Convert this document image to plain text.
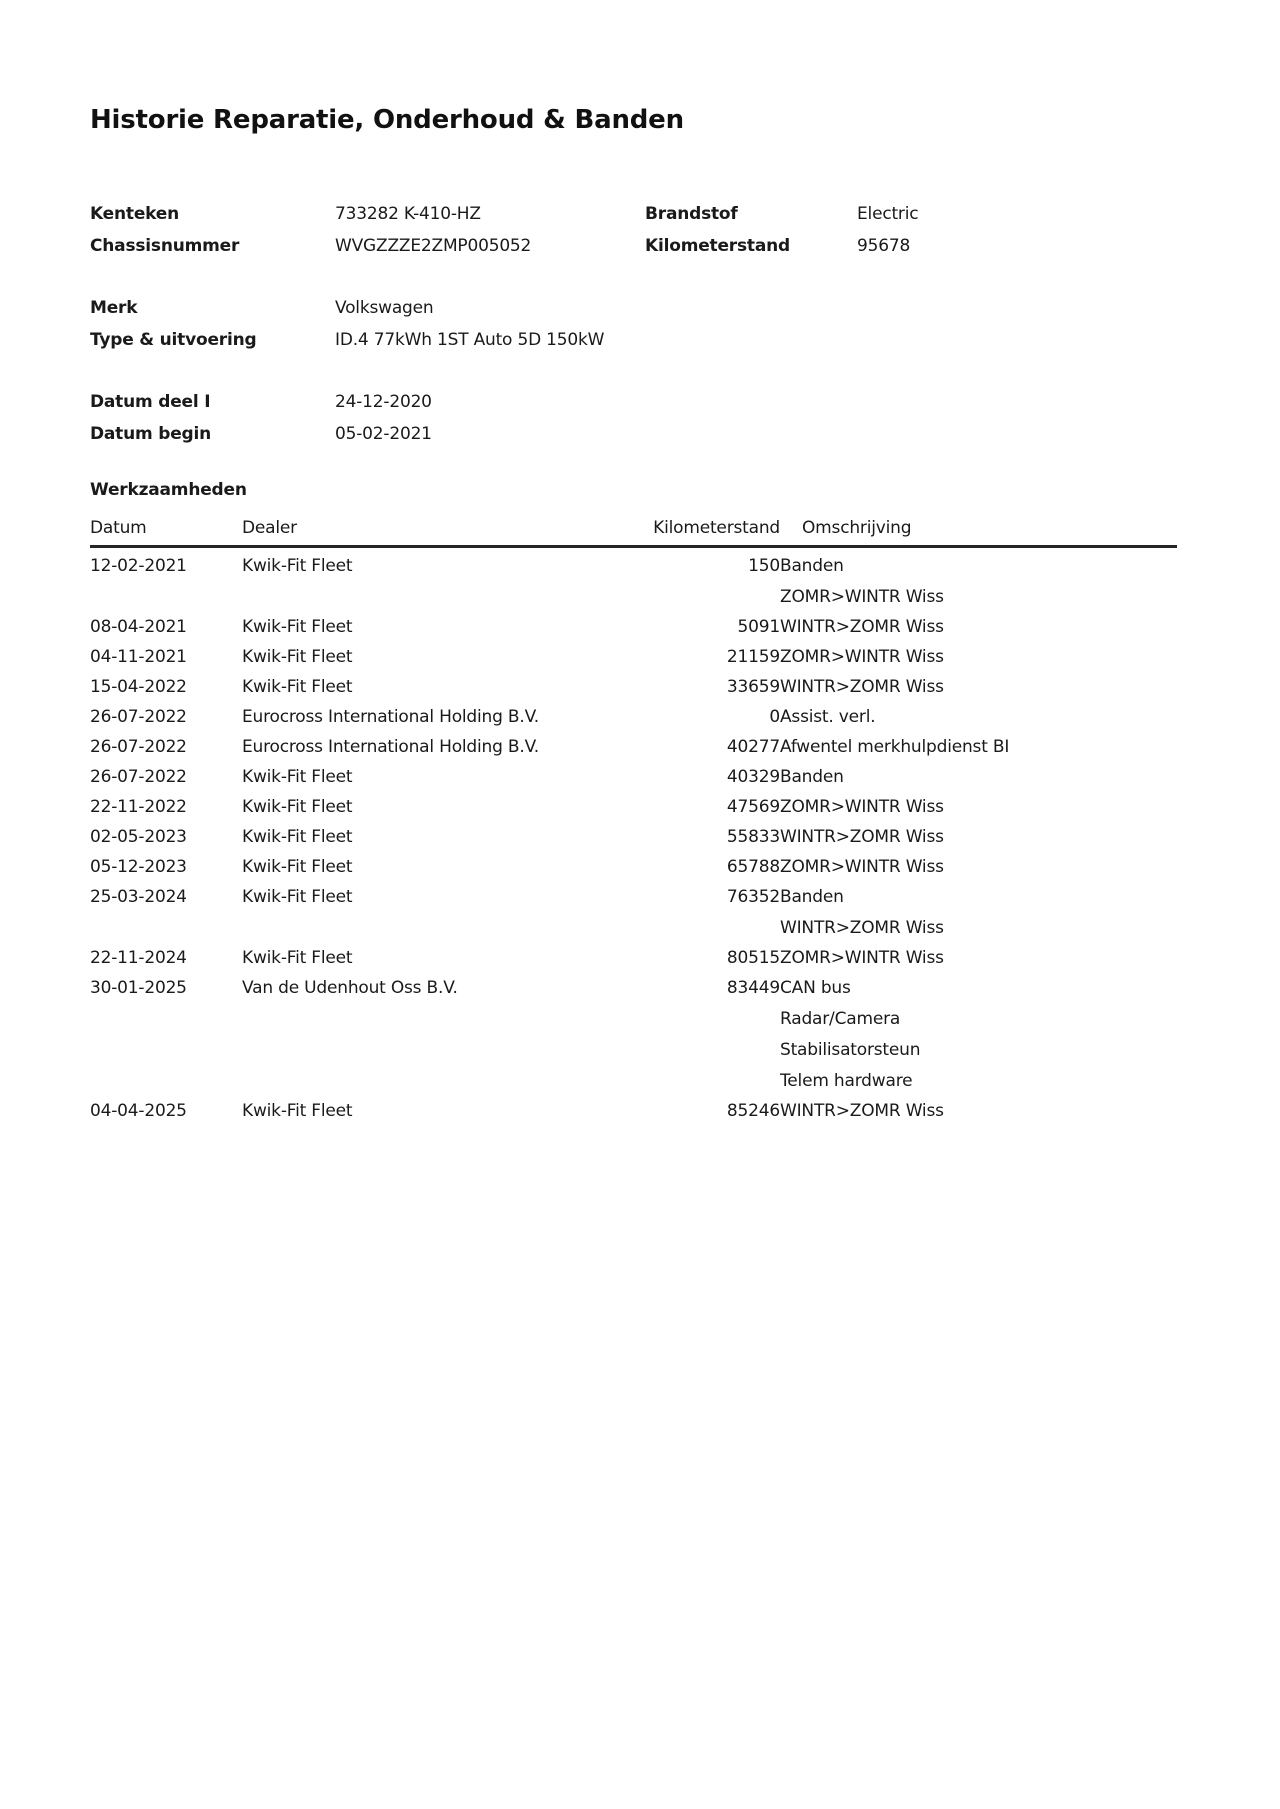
Historie Reparatie, Onderhoud & Banden
Kenteken	733282 K-410-HZ	Brandstof	Electric
Chassisnummer	WVGZZZE2ZMP005052	Kilometerstand	95678
Merk	Volkswagen
Type & uitvoering	ID.4 77kWh 1ST Auto 5D 150kW
Datum deel I	24-12-2020
Datum begin	05-02-2021
Werkzaamheden
Datum	Dealer	Kilometerstand	Omschrijving
12-02-2021	Kwik-Fit Fleet	150	Banden
ZOMR>WINTR Wiss

08-04-2021	Kwik-Fit Fleet	5091	WINTR>ZOMR Wiss

04-11-2021	Kwik-Fit Fleet	21159	ZOMR>WINTR Wiss

15-04-2022	Kwik-Fit Fleet	33659	WINTR>ZOMR Wiss

26-07-2022	Eurocross International Holding B.V.	0	Assist. verl.

26-07-2022	Eurocross International Holding B.V.	40277	Afwentel merkhulpdienst BI

26-07-2022	Kwik-Fit Fleet	40329	Banden

22-11-2022	Kwik-Fit Fleet	47569	ZOMR>WINTR Wiss

02-05-2023	Kwik-Fit Fleet	55833	WINTR>ZOMR Wiss

05-12-2023	Kwik-Fit Fleet	65788	ZOMR>WINTR Wiss

25-03-2024	Kwik-Fit Fleet	76352	Banden
WINTR>ZOMR Wiss

22-11-2024	Kwik-Fit Fleet	80515	ZOMR>WINTR Wiss

30-01-2025	Van de Udenhout Oss B.V.	83449	CAN bus
Radar/Camera
Stabilisatorsteun
Telem hardware

04-04-2025	Kwik-Fit Fleet	85246	WINTR>ZOMR Wiss
